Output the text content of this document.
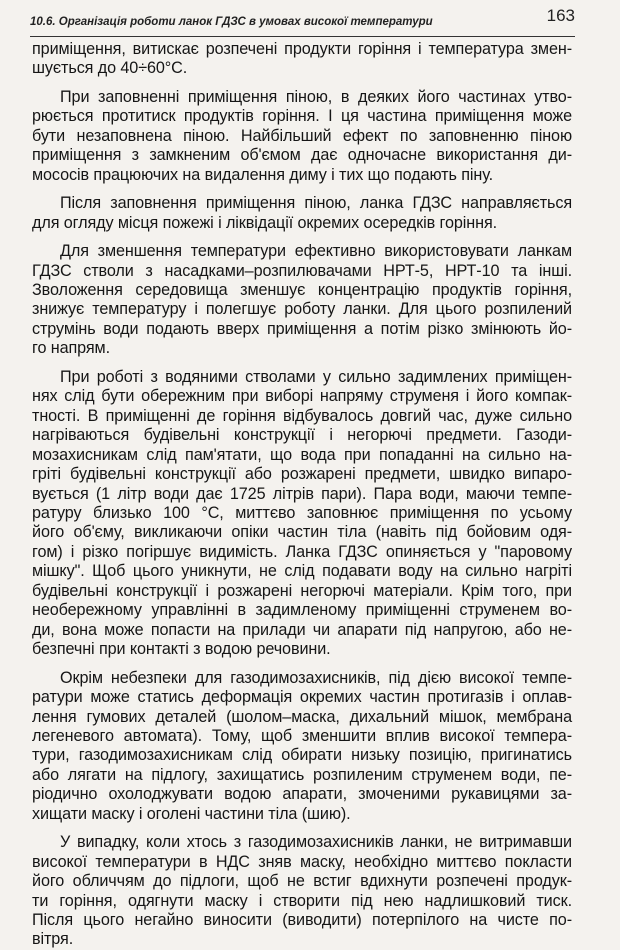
10.6. Організація роботи ланок ГДЗС в умовах високої температури	163
приміщення, витискає розпечені продукти горіння і температура змен-
шується до 40÷60°С.
При заповненні приміщення піною, в деяких його частинах утво-
рюється протитиск продуктів горіння. І ця частина приміщення може
бути незаповнена піною. Найбільший ефект по заповненню піною
приміщення з замкненим об'ємом дає одночасне використання ди-
мососів працюючих на видалення диму і тих що подають піну.
Після заповнення приміщення піною, ланка ГДЗС направляється
для огляду місця пожежі і ліквідації окремих осередків горіння.
Для зменшення температури ефективно використовувати ланкам
ГДЗС стволи з насадками–розпилювачами НРТ-5, НРТ-10 та інші.
Зволоження середовища зменшує концентрацію продуктів горіння,
знижує температуру і полегшує роботу ланки. Для цього розпилений
струмінь води подають вверх приміщення а потім різко змінюють йо-
го напрям.
При роботі з водяними стволами у сильно задимлених приміщен-
нях слід бути обережним при виборі напряму струменя і його компак-
тності. В приміщенні де горіння відбувалось довгий час, дуже сильно
нагріваються будівельні конструкції і негорючі предмети. Газоди-
мозахисникам слід пам'ятати, що вода при попаданні на сильно на-
гріті будівельні конструкції або розжарені предмети, швидко випаро-
вується (1 літр води дає 1725 літрів пари). Пара води, маючи темпе-
ратуру близько 100 °С, миттєво заповнює приміщення по усьому
його об'єму, викликаючи опіки частин тіла (навіть під бойовим одя-
гом) і різко погіршує видимість. Ланка ГДЗС опиняється у "паровому
мішку". Щоб цього уникнути, не слід подавати воду на сильно нагріті
будівельні конструкції і розжарені негорючі матеріали. Крім того, при
необережному управлінні в задимленому приміщенні струменем во-
ди, вона може попасти на прилади чи апарати під напругою, або не-
безпечні при контакті з водою речовини.
Окрім небезпеки для газодимозахисників, під дією високої темпе-
ратури може статись деформація окремих частин протигазів і оплав-
лення гумових деталей (шолом–маска, дихальний мішок, мембрана
легеневого автомата). Тому, щоб зменшити вплив високої темпера-
тури, газодимозахисникам слід обирати низьку позицію, пригинатись
або лягати на підлогу, захищатись розпиленим струменем води, пе-
ріодично охолоджувати водою апарати, змоченими рукавицями за-
хищати маску і оголені частини тіла (шию).
У випадку, коли хтось з газодимозахисників ланки, не витримавши
високої температури в НДС зняв маску, необхідно миттєво покласти
його обличчям до підлоги, щоб не встиг вдихнути розпечені продук-
ти горіння, одягнути маску і створити під нею надлишковий тиск.
Після цього негайно виносити (виводити) потерпілого на чисте по-
вітря.
